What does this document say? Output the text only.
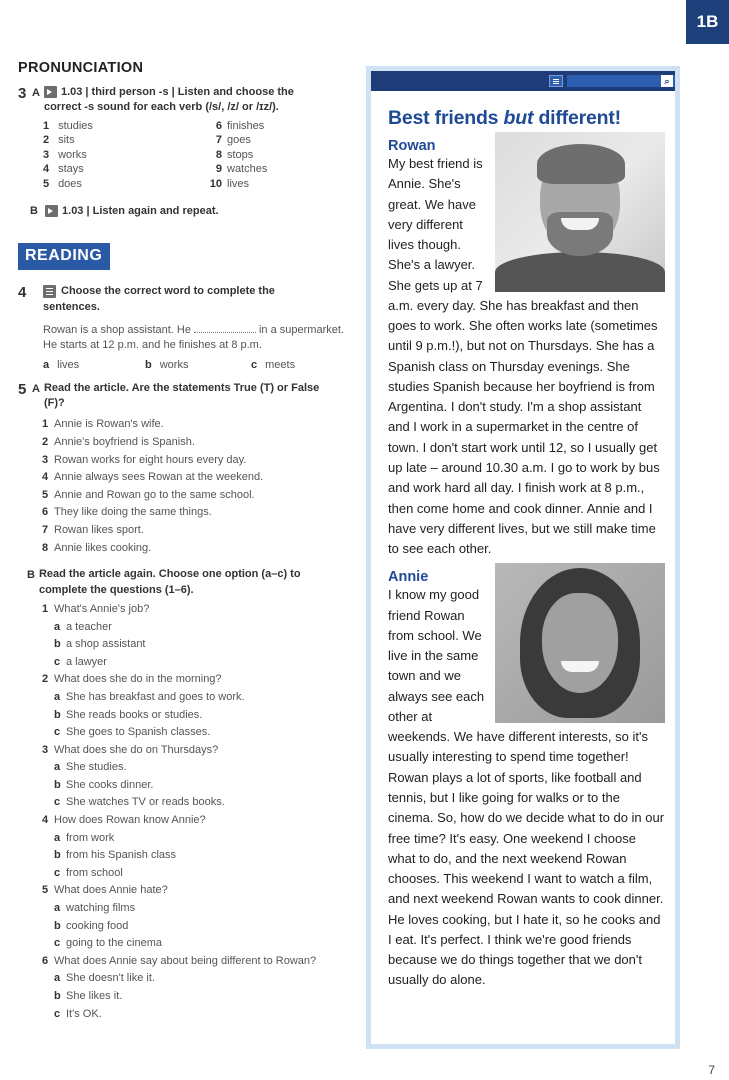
1B
PRONUNCIATION
3 A	1.03 | third person -s | Listen and choose the
correct -s sound for each verb (/s/, /z/ or /ɪz/).
1 studies	6 finishes
2 sits	7 goes
3 works	8 stops
4 stays	9 watches
5 does	10 lives
B 1.03 | Listen again and repeat.
READING
4	Choose the correct word to complete the
sentences.
Rowan is a shop assistant. He	in a supermarket. He starts at 12 p.m. and he finishes at 8 p.m.
a lives	b works	c meets
5 A Read the article. Are the statements True (T) or False
(F)?
1 Annie is Rowan's wife.
2 Annie's boyfriend is Spanish.
3 Rowan works for eight hours every day.
4 Annie always sees Rowan at the weekend.
5 Annie and Rowan go to the same school.
6 They like doing the same things.
7 Rowan likes sport.
8 Annie likes cooking.
B Read the article again. Choose one option (a–c) to
complete the questions (1–6).
1 What's Annie's job?
a a teacher
b a shop assistant
c a lawyer
2 What does she do in the morning?
a She has breakfast and goes to work.
b She reads books or studies.
c She goes to Spanish classes.
3 What does she do on Thursdays?
a She studies.
b She cooks dinner.
c She watches TV or reads books.
4 How does Rowan know Annie?
a from work
b from his Spanish class
c from school
5 What does Annie hate?
a watching films
b cooking food
c going to the cinema
6 What does Annie say about being different to Rowan?
a She doesn't like it.
b She likes it.
c It's OK.
⌕
Best friends but different!
Rowan
My best friend is Annie. She's great. We have very different lives though. She's a lawyer. She gets up at 7 a.m. every day. She has breakfast and then goes to work. She often works late (sometimes until 9 p.m.!), but not on Thursdays. She has a Spanish class on Thursday evenings. She studies Spanish because her boyfriend is from Argentina. I don't study. I'm a shop assistant and I work in a supermarket in the centre of town. I don't start work until 12, so I usually get up late – around 10.30 a.m. I go to work by bus and work hard all day. I finish work at 8 p.m., then come home and cook dinner. Annie and I have very different lives, but we still make time to see each other.
Annie
I know my good friend Rowan from school. We live in the same town and we always see each other at weekends. We have different interests, so it's usually interesting to spend time together! Rowan plays a lot of sports, like football and tennis, but I like going for walks or to the cinema. So, how do we decide what to do in our free time? It's easy. One weekend I choose what to do, and the next weekend Rowan chooses. This weekend I want to watch a film, and next weekend Rowan wants to cook dinner. He loves cooking, but I hate it, so he cooks and I eat. It's perfect. I think we're good friends because we do things together that we don't usually do alone.
7
